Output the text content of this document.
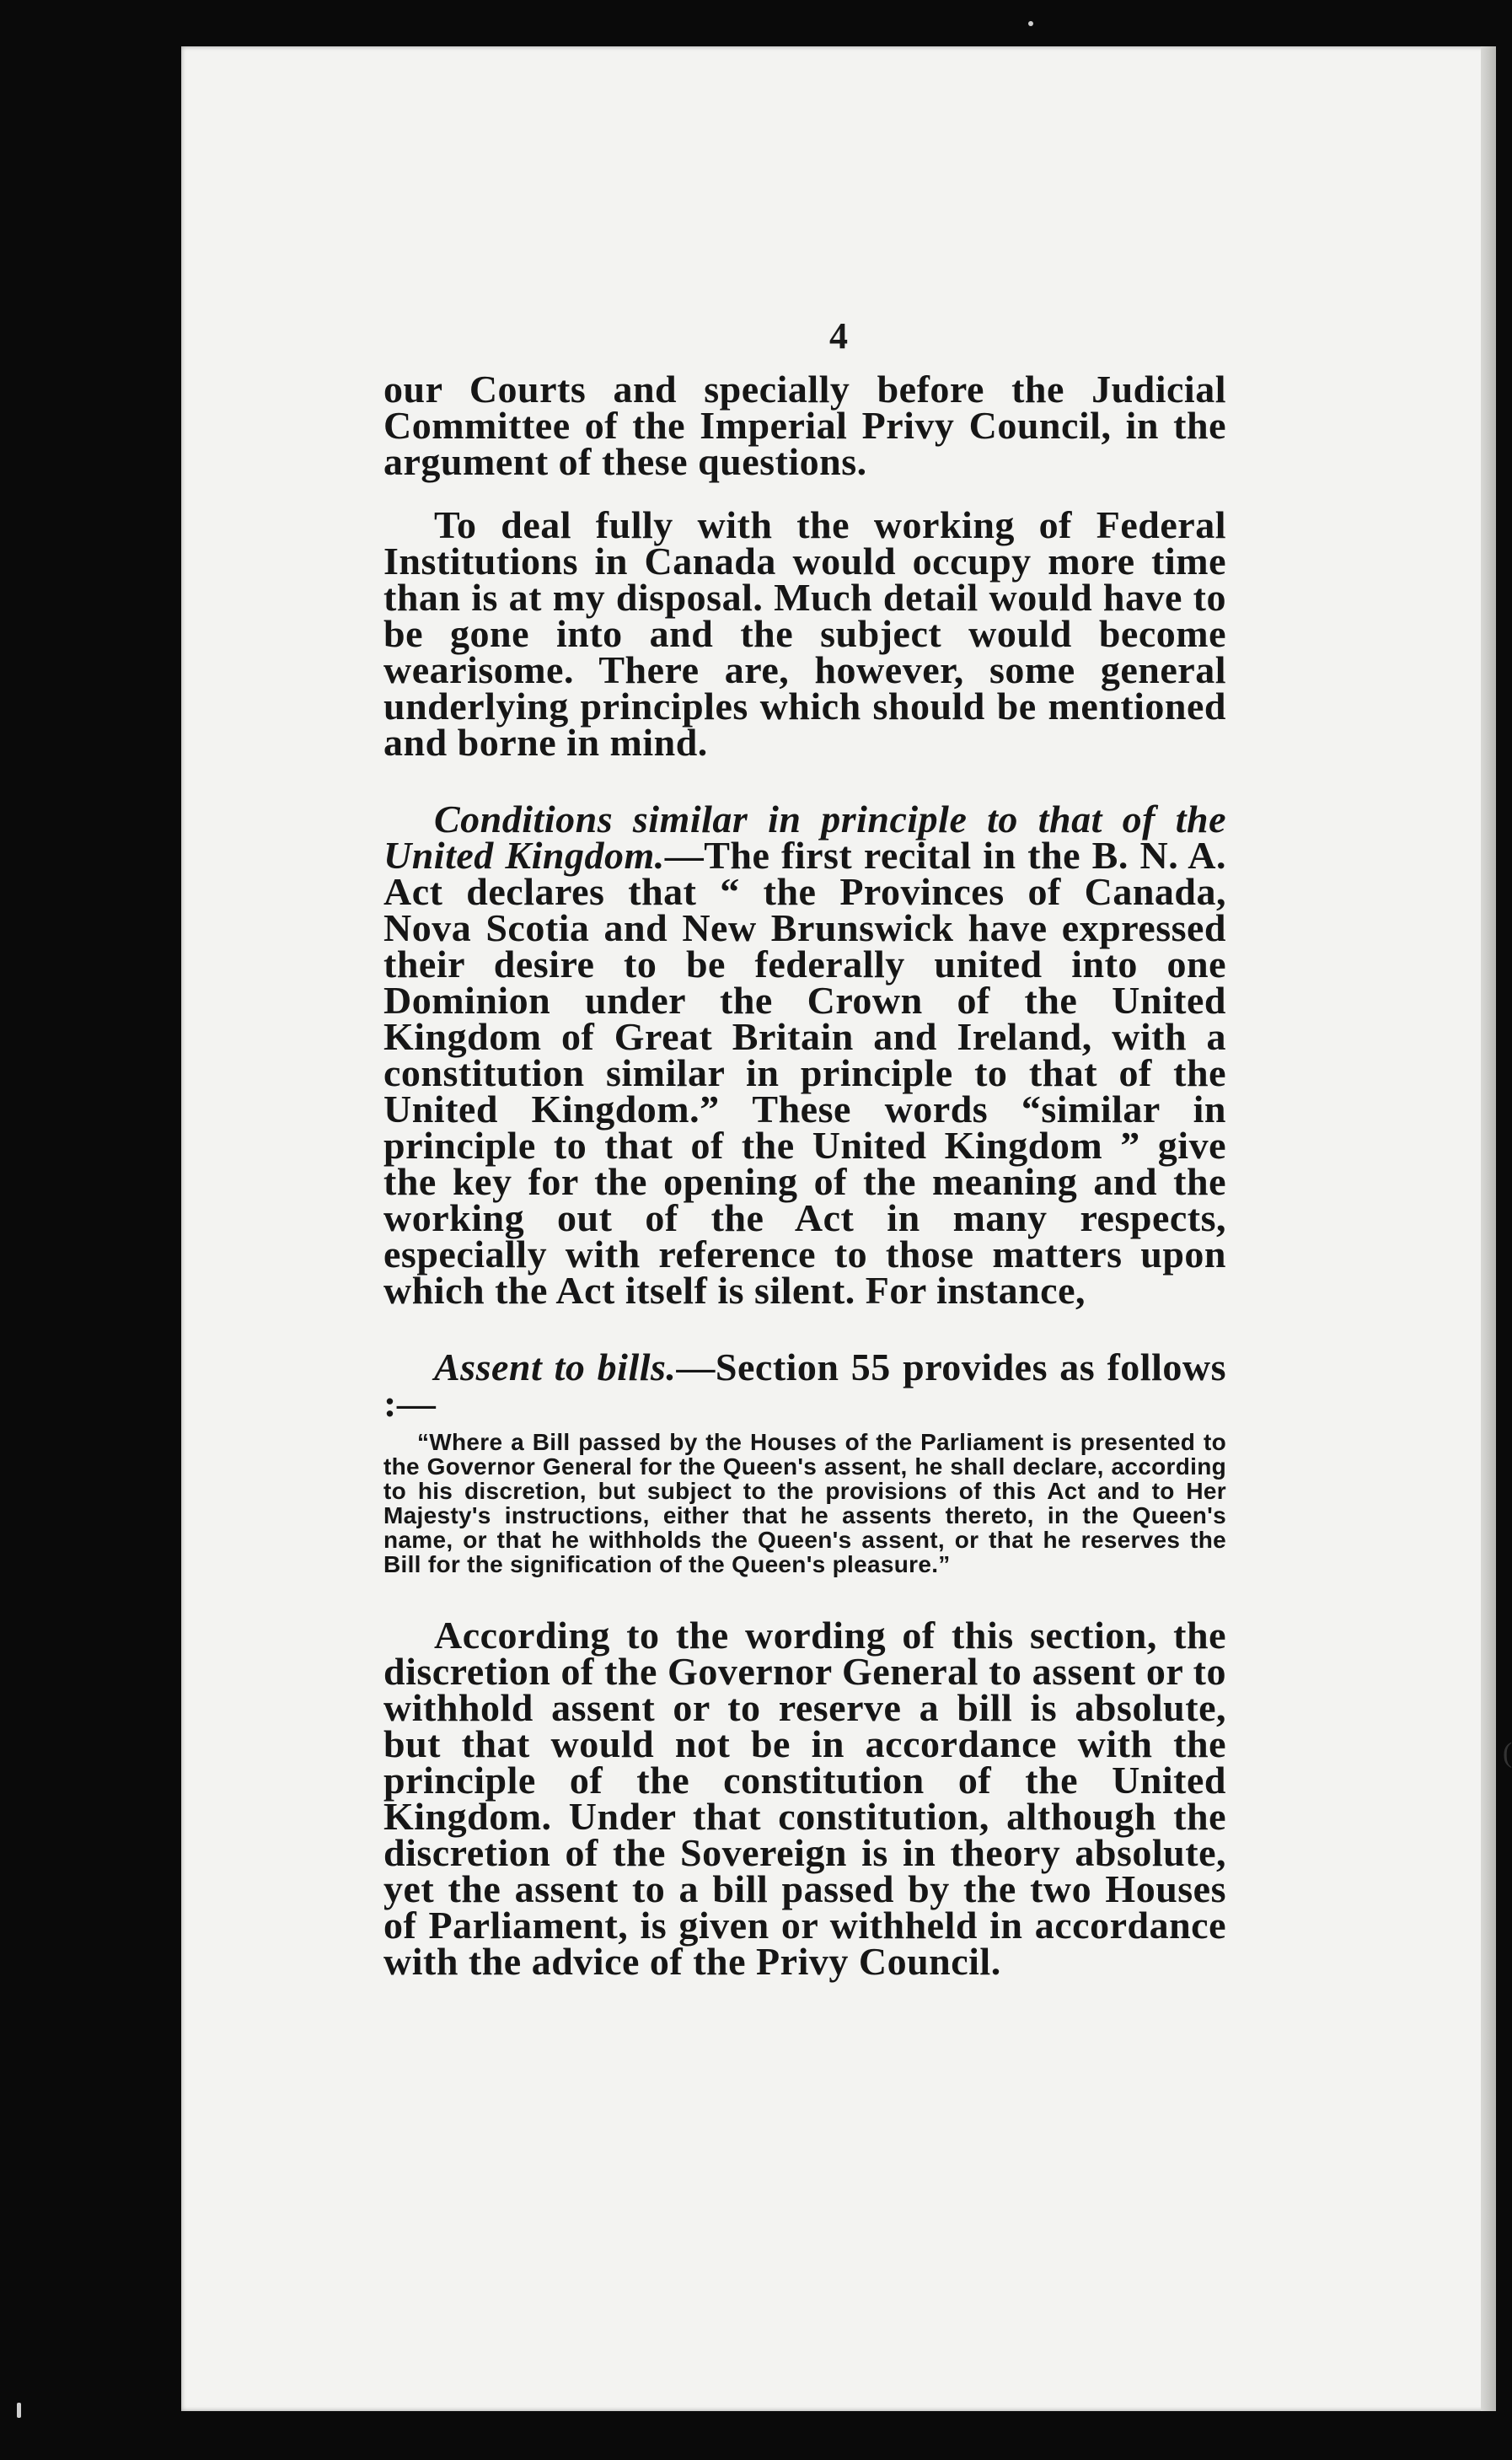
4

our Courts and specially before the Judicial Committee of the Imperial Privy Council, in the argument of these questions.

To deal fully with the working of Federal Institutions in Canada would occupy more time than is at my disposal. Much detail would have to be gone into and the subject would become wearisome. There are, however, some general underlying principles which should be mentioned and borne in mind.

Conditions similar in principle to that of the United Kingdom.—The first recital in the B. N. A. Act declares that “ the Provinces of Canada, Nova Scotia and New Brunswick have expressed their desire to be federally united into one Dominion under the Crown of the United Kingdom of Great Britain and Ireland, with a constitution similar in principle to that of the United Kingdom.” These words “similar in principle to that of the United Kingdom ” give the key for the opening of the meaning and the working out of the Act in many respects, especially with reference to those matters upon which the Act itself is silent. For instance,

Assent to bills.—Section 55 provides as follows :—

“Where a Bill passed by the Houses of the Parliament is presented to the Governor General for the Queen's assent, he shall declare, according to his discretion, but subject to the provisions of this Act and to Her Majesty's instructions, either that he assents thereto, in the Queen's name, or that he withholds the Queen's assent, or that he reserves the Bill for the signification of the Queen's pleasure.”

According to the wording of this section, the discretion of the Governor General to assent or to withhold assent or to reserve a bill is absolute, but that would not be in accordance with the principle of the constitution of the United Kingdom. Under that constitution, although the discretion of the Sovereign is in theory absolute, yet the assent to a bill passed by the two Houses of Parliament, is given or withheld in accordance with the advice of the Privy Council.

(
